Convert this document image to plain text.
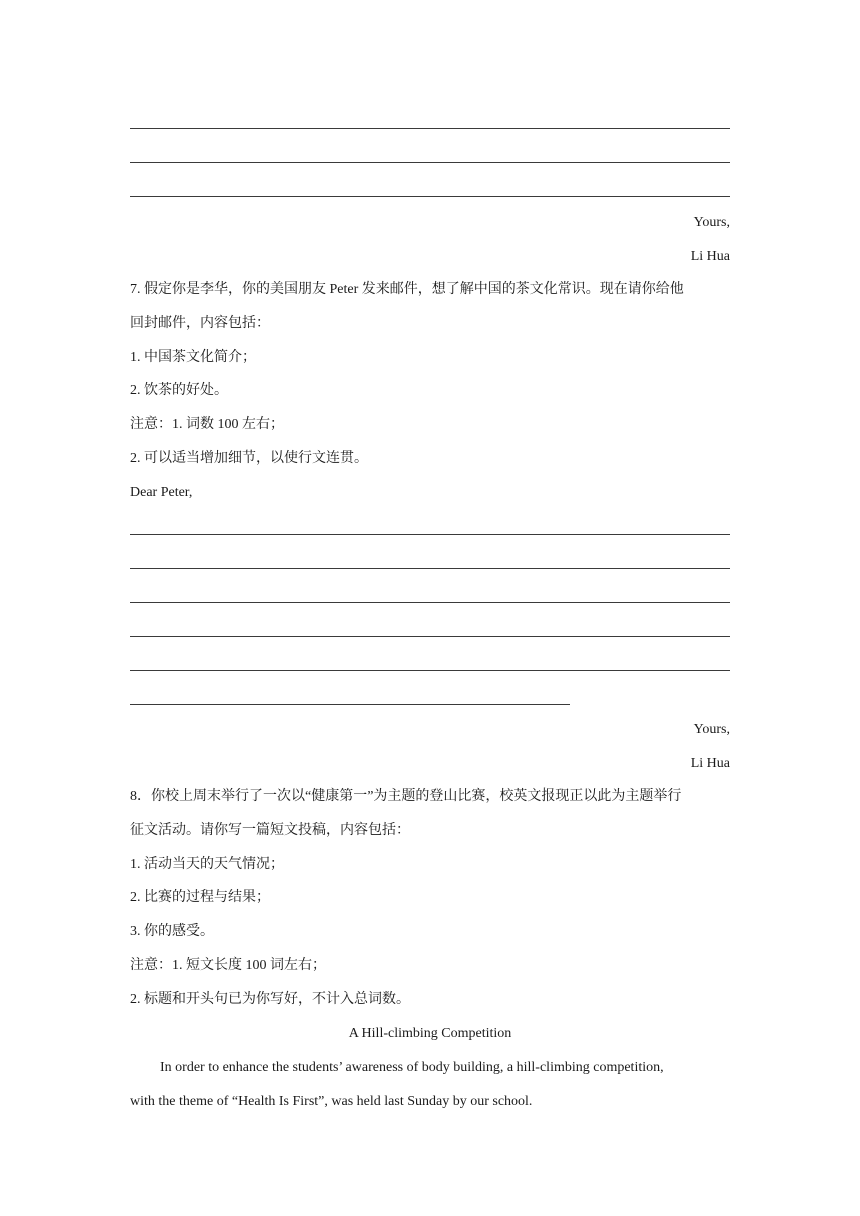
Yours,
Li Hua
7. 假定你是李华，你的美国朋友 Peter 发来邮件，想了解中国的茶文化常识。现在请你给他
回封邮件，内容包括：
1. 中国茶文化简介；
2. 饮茶的好处。
注意：1. 词数 100 左右；
2. 可以适当增加细节，以使行文连贯。
Dear Peter,
Yours,
Li Hua
8．你校上周末举行了一次以“健康第一”为主题的登山比赛，校英文报现正以此为主题举行
征文活动。请你写一篇短文投稿，内容包括：
1. 活动当天的天气情况；
2. 比赛的过程与结果；
3. 你的感受。
注意：1. 短文长度 100 词左右；
2. 标题和开头句已为你写好，不计入总词数。
A Hill-climbing Competition
In order to enhance the students’ awareness of body building, a hill-climbing competition,
with the theme of “Health Is First”, was held last Sunday by our school.
